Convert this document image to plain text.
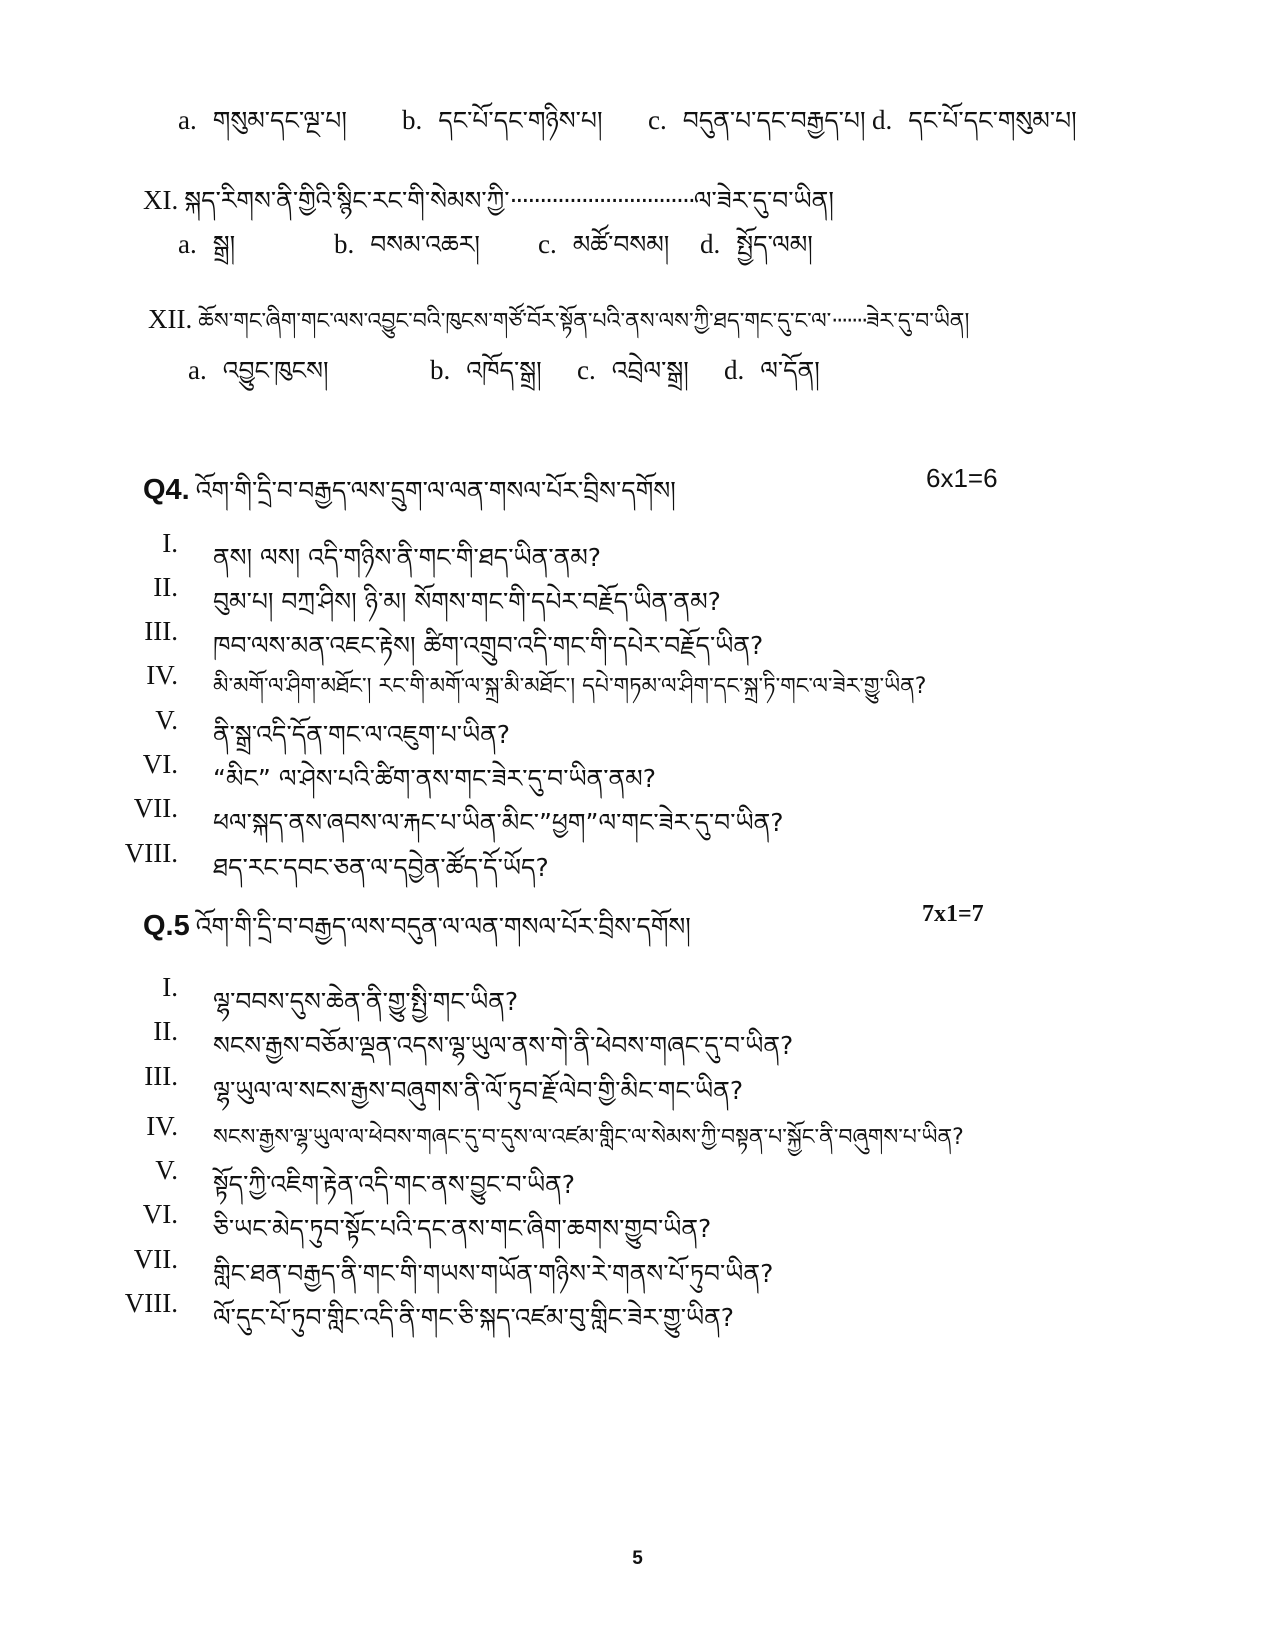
a. གསུམ་དང་ལྔ་པ། b. དང་པོ་དང་གཉིས་པ། c. བདུན་པ་དང་བརྒྱད་པ། d. དང་པོ་དང་གསུམ་པ།
XI. སྐད་རིགས་ནི་གྱིའི་སྙིང་རང་གི་སེམས་ཀྱི་·······························ལ་ཟེར་དུ་བ་ཡིན།
a. སྒྲ།	b. བསམ་འཆར། c. མཚོ་བསམ། d. སྤྱོད་ལམ།
XII. ཆོས་གང་ཞིག་གང་ལས་འབྱུང་བའི་ཁུངས་གཙོ་བོར་སྟོན་པའི་ནས་ལས་ཀྱི་ཐད་གང་དུ་ང་ལ་·······ཟེར་དུ་བ་ཡིན།
a. འབྱུང་ཁུངས།	b. འཁོད་སྒྲ། c. འབྲེལ་སྒྲ། d. ལ་དོན།
Q4. འོག་གི་དྲི་བ་བརྒྱད་ལས་དྲུག་ལ་ལན་གསལ་པོར་བྲིས་དགོས།	6x1=6
I. ནས། ལས། འདི་གཉིས་ནི་གང་གི་ཐད་ཡིན་ནམ?
II. བུམ་པ། བཀྲ་ཤིས། ཉི་མ། སོགས་གང་གི་དཔེར་བརྗོད་ཡིན་ནམ?
III. ཁབ་ལས་མན་འཇང་རྟེས། ཚིག་འགྲུབ་འདི་གང་གི་དཔེར་བརྗོད་ཡིན?
IV. མི་མགོ་ལ་ཤིག་མཐོང་། རང་གི་མགོ་ལ་སྐྲ་མི་མཐོང་། དཔེ་གཏམ་ལ་ཤིག་དང་སྐྲ་ཏི་གང་ལ་ཟེར་གྱུ་ཡིན?
V. ནི་སྒྲ་འདི་དོན་གང་ལ་འཇུག་པ་ཡིན?
VI. “མིང” ལ་ཤེས་པའི་ཚིག་ནས་གང་ཟེར་དུ་བ་ཡིན་ནམ?
VII. ཕལ་སྐད་ནས་ཞབས་ལ་རྐང་པ་ཡིན་མིང་”ཕྱག”ལ་གང་ཟེར་དུ་བ་ཡིན?
VIII. ཐད་རང་དབང་ཅན་ལ་དབྱེན་ཚོད་དོ་ཡོད?
Q.5 འོག་གི་དྲི་བ་བརྒྱད་ལས་བདུན་ལ་ལན་གསལ་པོར་བྲིས་དགོས།	7x1=7
I. ལྷ་བབས་དུས་ཆེན་ནི་གྱུ་སྤྱི་གང་ཡིན?
II. སངས་རྒྱས་བཅོམ་ལྡན་འདས་ལྷ་ཡུལ་ནས་གེ་ནི་ཕེབས་གཞང་དུ་བ་ཡིན?
III. ལྷ་ཡུལ་ལ་སངས་རྒྱས་བཞུགས་ནི་ལོ་ཏུབ་རྗོ་ལེབ་གྱི་མིང་གང་ཡིན?
IV. སངས་རྒྱས་ལྷ་ཡུལ་ལ་ཕེབས་གཞང་དུ་བ་དུས་ལ་འཛམ་གླིང་ལ་སེམས་ཀྱི་བསྟན་པ་སྐྱོང་ནི་བཞུགས་པ་ཡིན?
V. སྟོད་ཀྱི་འཇིག་རྟེན་འདི་གང་ནས་བྱུང་བ་ཡིན?
VI. ཅི་ཡང་མེད་ཏུབ་སྟོང་པའི་དང་ནས་གང་ཞིག་ཆགས་གྱུབ་ཡིན?
VII. གླིང་ཐན་བརྒྱད་ནི་གང་གི་གཡས་གཡོན་གཉིས་རེ་གནས་པོ་ཏུབ་ཡིན?
VIII. ལོ་དུང་པོ་ཏུབ་གླིང་འདི་ནི་གང་ཅི་སྐད་འཛམ་བུ་གླིང་ཟེར་གྱུ་ཡིན?
5
